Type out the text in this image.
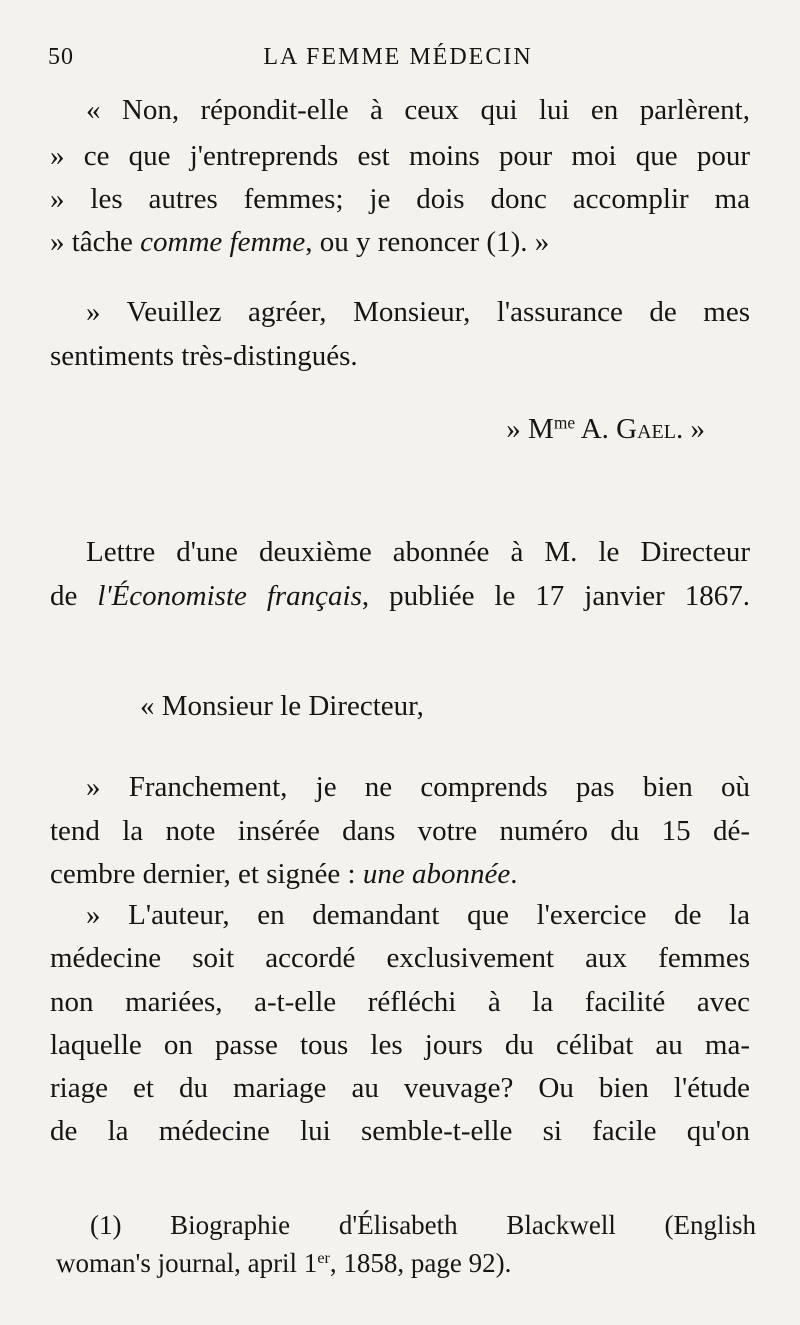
50	LA FEMME MÉDECIN
« Non, répondit-elle à ceux qui lui en parlèrent,
» ce que j'entreprends est moins pour moi que pour
» les autres femmes; je dois donc accomplir ma
» tâche comme femme, ou y renoncer (1). »
» Veuillez agréer, Monsieur, l'assurance de mes
sentiments très-distingués.
» $M^{me}$ A. Gael. »
Lettre d'une deuxième abonnée à M. le Directeur
de l'Économiste français, publiée le 17 janvier 1867.
« Monsieur le Directeur,
» Franchement, je ne comprends pas bien où
tend la note insérée dans votre numéro du 15 dé-
cembre dernier, et signée : une abonnée.
» L'auteur, en demandant que l'exercice de la
médecine soit accordé exclusivement aux femmes
non mariées, a-t-elle réfléchi à la facilité avec
laquelle on passe tous les jours du célibat au ma-
riage et du mariage au veuvage? Ou bien l'étude
de la médecine lui semble-t-elle si facile qu'on
(1) Biographie d'Élisabeth Blackwell (English
woman's journal, april 1er, 1858, page 92).
